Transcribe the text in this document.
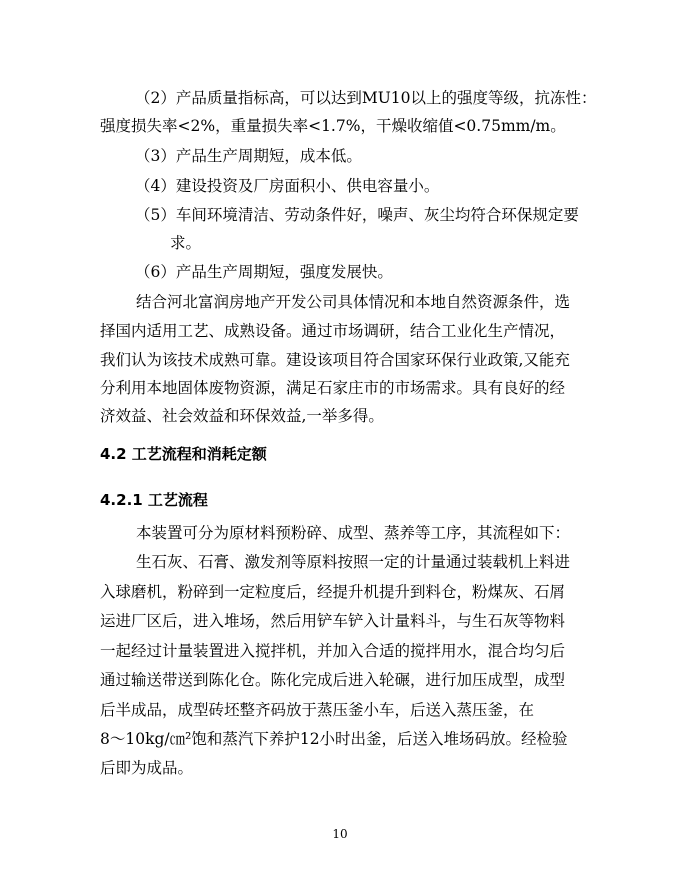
（2）产品质量指标高，可以达到MU10以上的强度等级，抗冻性：
强度损失率<2%，重量损失率<1.7%，干燥收缩值<0.75mm/m。
（3）产品生产周期短，成本低。
（4）建设投资及厂房面积小、供电容量小。
（5）车间环境清洁、劳动条件好，噪声、灰尘均符合环保规定要
求。
（6）产品生产周期短，强度发展快。
结合河北富润房地产开发公司具体情况和本地自然资源条件，选
择国内适用工艺、成熟设备。通过市场调研，结合工业化生产情况，
我们认为该技术成熟可靠。建设该项目符合国家环保行业政策,又能充
分利用本地固体废物资源，满足石家庄市的市场需求。具有良好的经
济效益、社会效益和环保效益,一举多得。
4.2 工艺流程和消耗定额
4.2.1 工艺流程
本装置可分为原材料预粉碎、成型、蒸养等工序，其流程如下：
生石灰、石膏、激发剂等原料按照一定的计量通过装载机上料进
入球磨机，粉碎到一定粒度后，经提升机提升到料仓，粉煤灰、石屑
运进厂区后，进入堆场，然后用铲车铲入计量料斗，与生石灰等物料
一起经过计量装置进入搅拌机，并加入合适的搅拌用水，混合均匀后
通过输送带送到陈化仓。陈化完成后进入轮碾，进行加压成型，成型
后半成品，成型砖坯整齐码放于蒸压釜小车，后送入蒸压釜，在
8～10kg/㎝²饱和蒸汽下养护12小时出釜，后送入堆场码放。经检验
后即为成品。
10
